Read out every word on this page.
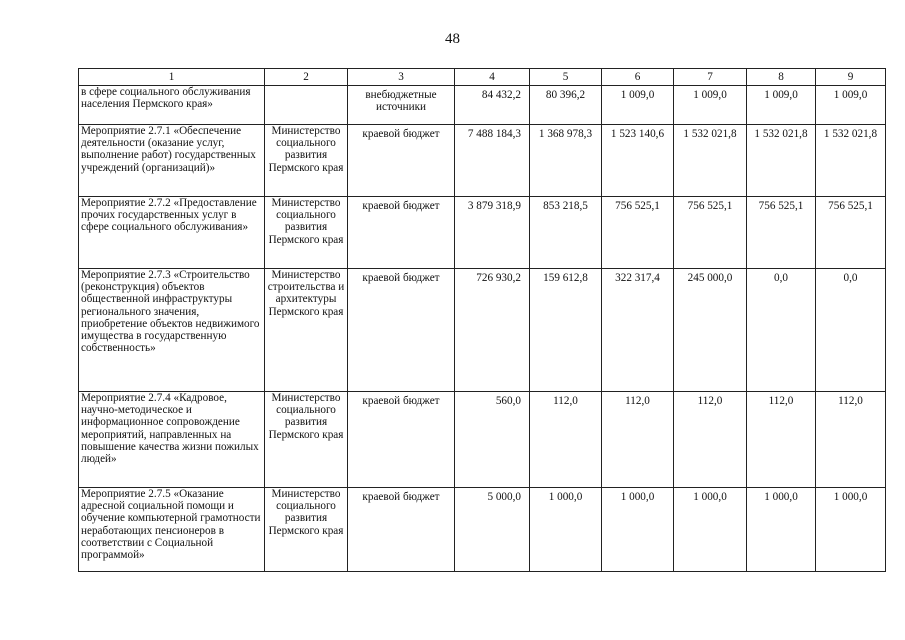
48
1	2	3	4	5	6	7	8	9
в сфере социального обслуживания населения Пермского края»		внебюджетные источники	84 432,2	80 396,2	1 009,0	1 009,0	1 009,0	1 009,0
Мероприятие 2.7.1 «Обеспечение деятельности (оказание услуг, выполнение работ) государственных учреждений (организаций)»	Министерство социального развития Пермского края	краевой бюджет	7 488 184,3	1 368 978,3	1 523 140,6	1 532 021,8	1 532 021,8	1 532 021,8
Мероприятие 2.7.2 «Предоставление прочих государственных услуг в сфере социального обслуживания»	Министерство социального развития Пермского края	краевой бюджет	3 879 318,9	853 218,5	756 525,1	756 525,1	756 525,1	756 525,1
Мероприятие 2.7.3 «Строительство (реконструкция) объектов общественной инфраструктуры регионального значения, приобретение объектов недвижимого имущества в государственную собственность»	Министерство строительства и архитектуры Пермского края	краевой бюджет	726 930,2	159 612,8	322 317,4	245 000,0	0,0	0,0
Мероприятие 2.7.4 «Кадровое, научно-методическое и информационное сопровождение мероприятий, направленных на повышение качества жизни пожилых людей»	Министерство социального развития Пермского края	краевой бюджет	560,0	112,0	112,0	112,0	112,0	112,0
Мероприятие 2.7.5 «Оказание адресной социальной помощи и обучение компьютерной грамотности неработающих пенсионеров в соответствии с Социальной программой»	Министерство социального развития Пермского края	краевой бюджет	5 000,0	1 000,0	1 000,0	1 000,0	1 000,0	1 000,0
